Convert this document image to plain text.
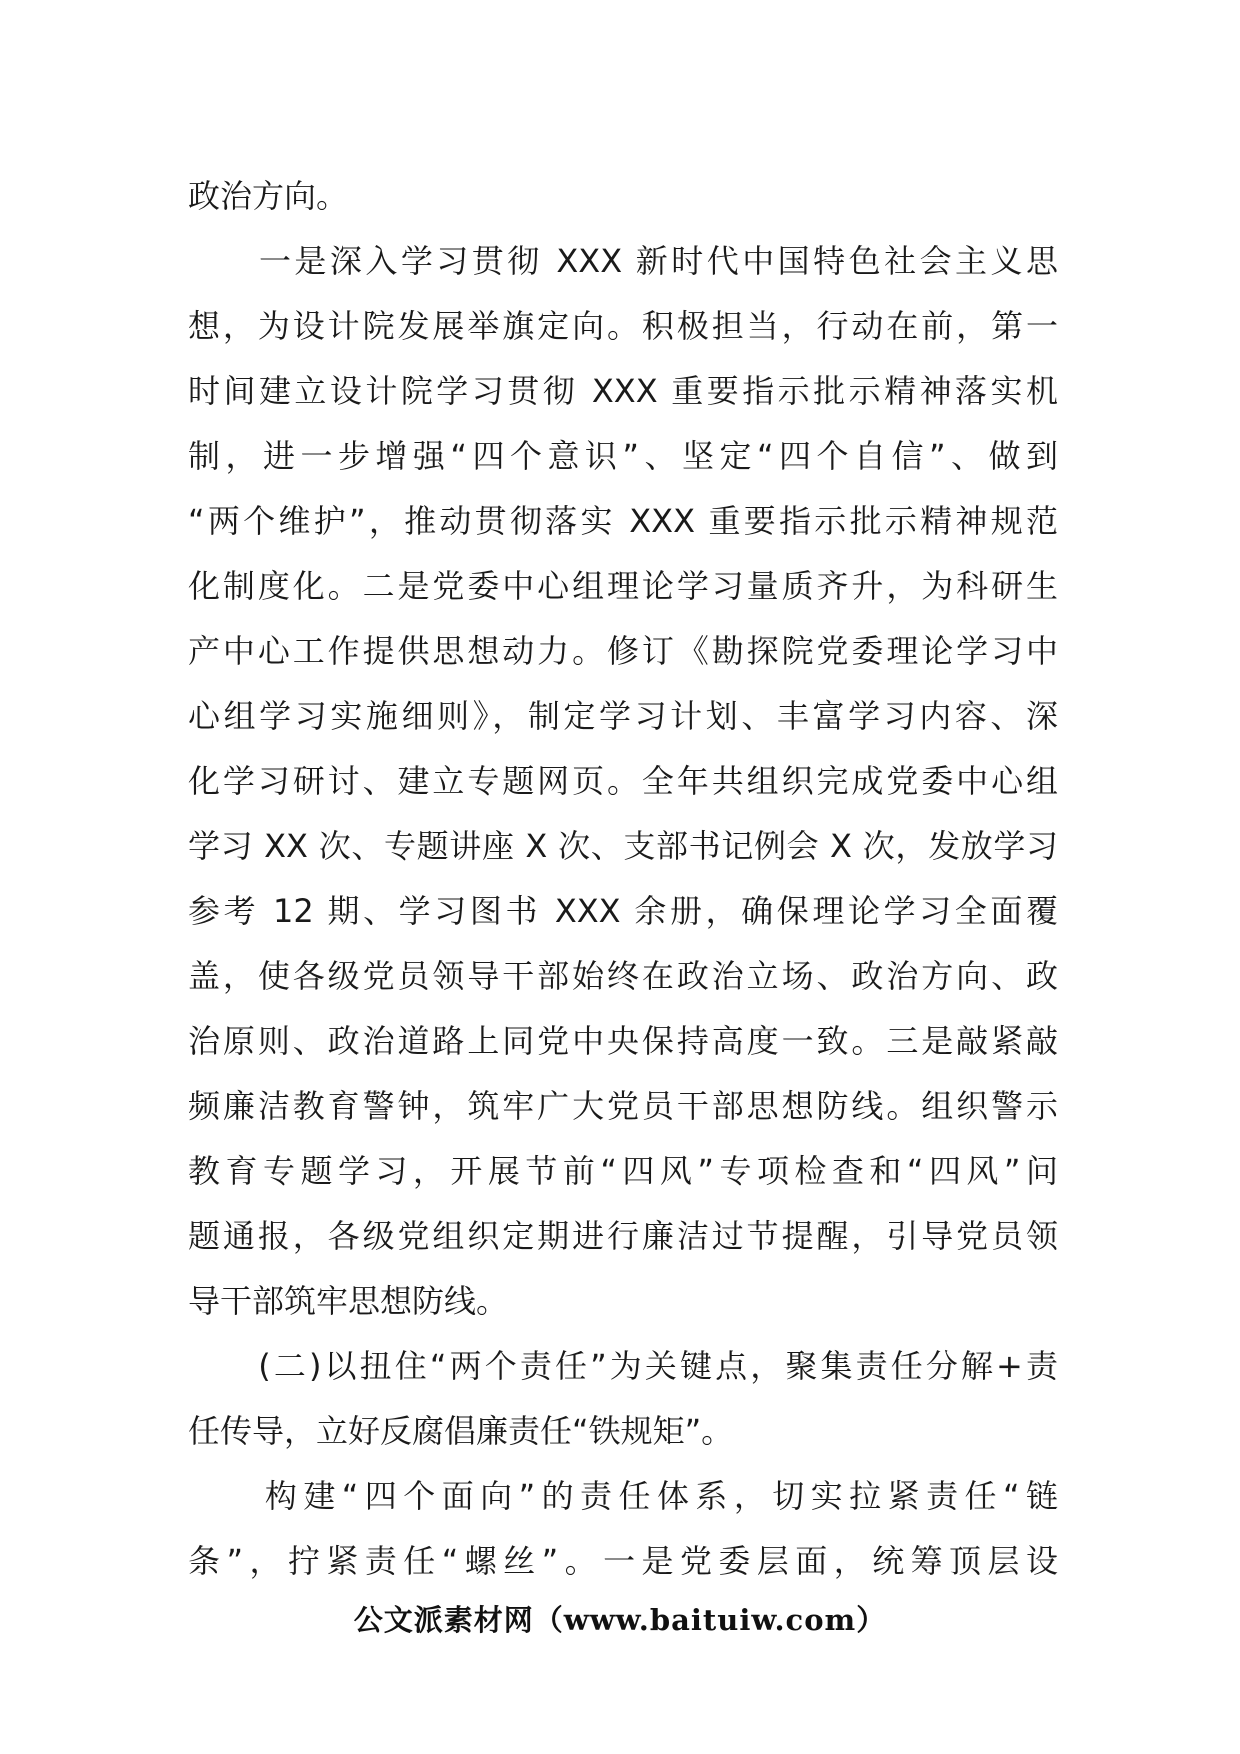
政治方向。
　　一是深入学习贯彻 XXX 新时代中国特色社会主义思
想，为设计院发展举旗定向。积极担当，行动在前，第一
时间建立设计院学习贯彻 XXX 重要指示批示精神落实机
制，进一步增强“四个意识”、坚定“四个自信”、做到
“两个维护”，推动贯彻落实 XXX 重要指示批示精神规范
化制度化。二是党委中心组理论学习量质齐升，为科研生
产中心工作提供思想动力。修订《勘探院党委理论学习中
心组学习实施细则》，制定学习计划、丰富学习内容、深
化学习研讨、建立专题网页。全年共组织完成党委中心组
学习 XX 次、专题讲座 X 次、支部书记例会 X 次，发放学习
参考 12 期、学习图书 XXX 余册，确保理论学习全面覆
盖，使各级党员领导干部始终在政治立场、政治方向、政
治原则、政治道路上同党中央保持高度一致。三是敲紧敲
频廉洁教育警钟，筑牢广大党员干部思想防线。组织警示
教育专题学习，开展节前“四风”专项检查和“四风”问
题通报，各级党组织定期进行廉洁过节提醒，引导党员领
导干部筑牢思想防线。
　　(二)以扭住“两个责任”为关键点，聚集责任分解+责
任传导，立好反腐倡廉责任“铁规矩”。
　　构建“四个面向”的责任体系，切实拉紧责任“链
条”，拧紧责任“螺丝”。一是党委层面，统筹顶层设
公文派素材网（www.baituiw.com）
